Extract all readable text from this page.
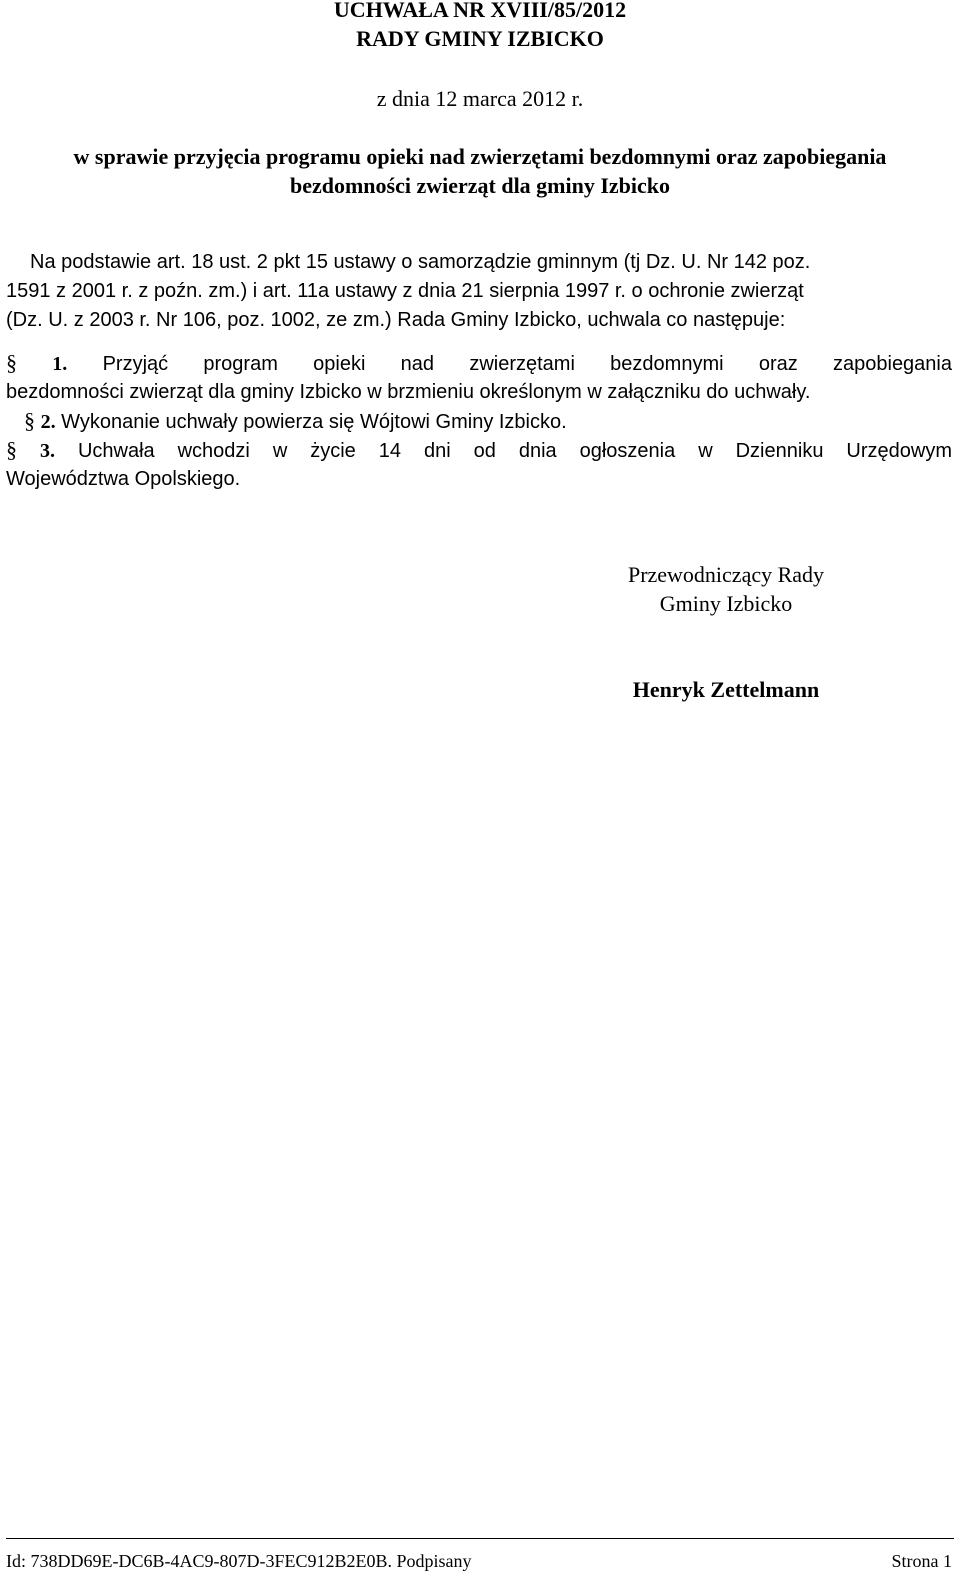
UCHWAŁA NR XVIII/85/2012
RADY GMINY IZBICKO
z dnia 12 marca 2012 r.
w sprawie przyjęcia programu opieki nad zwierzętami bezdomnymi oraz zapobiegania
bezdomności zwierząt dla gminy Izbicko
Na podstawie art. 18 ust. 2 pkt 15 ustawy o samorządzie gminnym (tj Dz. U. Nr 142 poz.
1591 z 2001 r. z poźn. zm.) i art. 11a ustawy z dnia 21 sierpnia 1997 r. o ochronie zwierząt
(Dz. U. z 2003 r. Nr 106, poz. 1002, ze zm.) Rada Gminy Izbicko, uchwala co następuje:
§ 1. Przyjąć program opieki nad zwierzętami bezdomnymi oraz zapobiegania
bezdomności zwierząt dla gminy Izbicko w brzmieniu określonym w załączniku do uchwały.
§ 2. Wykonanie uchwały powierza się Wójtowi Gminy Izbicko.
§ 3. Uchwała wchodzi w życie 14 dni od dnia ogłoszenia w Dzienniku Urzędowym
Województwa Opolskiego.
Przewodniczący Rady
Gminy Izbicko
Henryk Zettelmann
Id: 738DD69E-DC6B-4AC9-807D-3FEC912B2E0B. Podpisany	Strona 1
